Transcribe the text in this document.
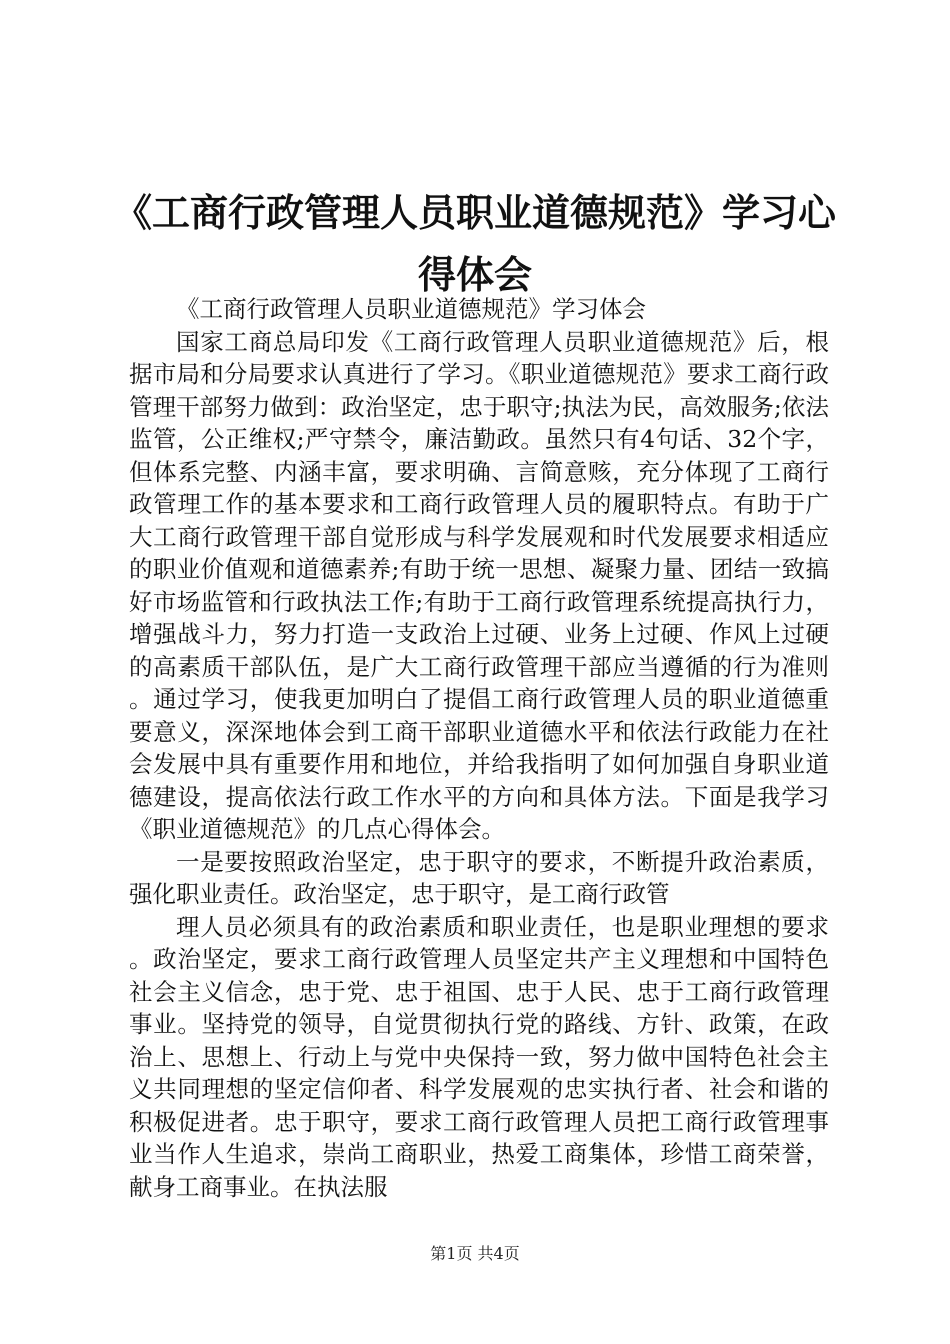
《工商行政管理人员职业道德规范》学习心得体会

《工商行政管理人员职业道德规范》学习体会

国家工商总局印发《工商行政管理人员职业道德规范》后，根据市局和分局要求认真进行了学习。《职业道德规范》要求工商行政管理干部努力做到：政治坚定，忠于职守;执法为民，高效服务;依法监管，公正维权;严守禁令，廉洁勤政。虽然只有4句话、32个字，但体系完整、内涵丰富，要求明确、言简意赅，充分体现了工商行政管理工作的基本要求和工商行政管理人员的履职特点。有助于广大工商行政管理干部自觉形成与科学发展观和时代发展要求相适应的职业价值观和道德素养;有助于统一思想、凝聚力量、团结一致搞好市场监管和行政执法工作;有助于工商行政管理系统提高执行力，增强战斗力，努力打造一支政治上过硬、业务上过硬、作风上过硬的高素质干部队伍，是广大工商行政管理干部应当遵循的行为准则。通过学习，使我更加明白了提倡工商行政管理人员的职业道德重要意义，深深地体会到工商干部职业道德水平和依法行政能力在社会发展中具有重要作用和地位，并给我指明了如何加强自身职业道德建设，提高依法行政工作水平的方向和具体方法。下面是我学习《职业道德规范》的几点心得体会。

一是要按照政治坚定，忠于职守的要求，不断提升政治素质，强化职业责任。政治坚定，忠于职守，是工商行政管

理人员必须具有的政治素质和职业责任，也是职业理想的要求。政治坚定，要求工商行政管理人员坚定共产主义理想和中国特色社会主义信念，忠于党、忠于祖国、忠于人民、忠于工商行政管理事业。坚持党的领导，自觉贯彻执行党的路线、方针、政策，在政治上、思想上、行动上与党中央保持一致，努力做中国特色社会主义共同理想的坚定信仰者、科学发展观的忠实执行者、社会和谐的积极促进者。忠于职守，要求工商行政管理人员把工商行政管理事业当作人生追求，崇尚工商职业，热爱工商集体，珍惜工商荣誉，献身工商事业。在执法服

第1页 共4页
